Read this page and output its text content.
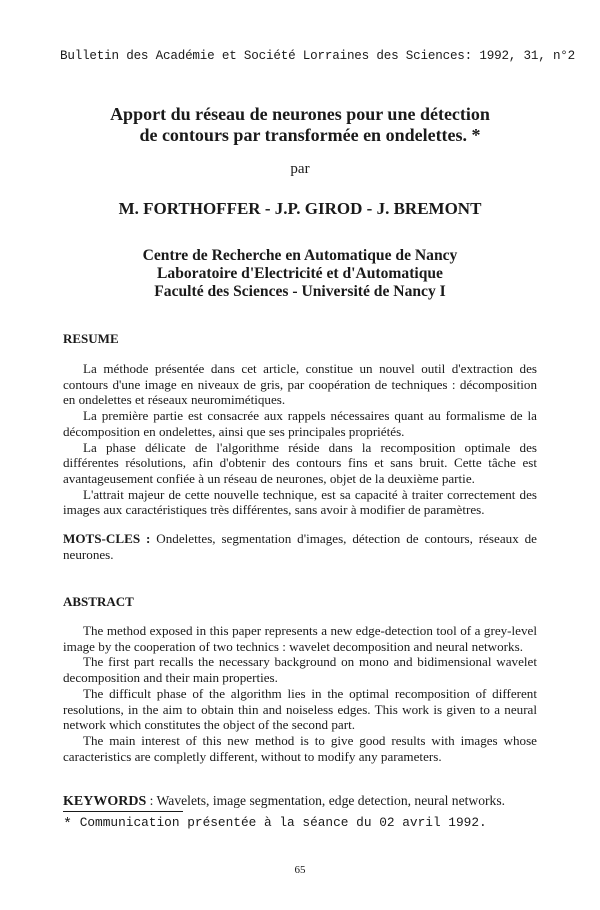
Bulletin des Académie et Société Lorraines des Sciences: 1992, 31, n°2
Apport du réseau de neurones pour une détection
de contours par transformée en ondelettes. *
par
M. FORTHOFFER - J.P. GIROD - J. BREMONT
Centre de Recherche en Automatique de Nancy
Laboratoire d'Electricité et d'Automatique
Faculté des Sciences - Université de Nancy I
RESUME

La méthode présentée dans cet article, constitue un nouvel outil d'extraction des contours d'une image en niveaux de gris, par coopération de techniques : décomposition en ondelettes et réseaux neuromimétiques.

La première partie est consacrée aux rappels nécessaires quant au formalisme de la décomposition en ondelettes, ainsi que ses principales propriétés.

La phase délicate de l'algorithme réside dans la recomposition optimale des différentes résolutions, afin d'obtenir des contours fins et sans bruit. Cette tâche est avantageusement confiée à un réseau de neurones, objet de la deuxième partie.

L'attrait majeur de cette nouvelle technique, est sa capacité à traiter correctement des images aux caractéristiques très différentes, sans avoir à modifier de paramètres.

MOTS-CLES : Ondelettes, segmentation d'images, détection de contours, réseaux de neurones.
ABSTRACT

The method exposed in this paper represents a new edge-detection tool of a grey-level image by the cooperation of two technics : wavelet decomposition and neural networks.

The first part recalls the necessary background on mono and bidimensional wavelet decomposition and their main properties.

The difficult phase of the algorithm lies in the optimal recomposition of different resolutions, in the aim to obtain thin and noiseless edges. This work is given to a neural network which constitutes the object of the second part.

The main interest of this new method is to give good results with images whose caracteristics are completly different, without to modify any parameters.

KEYWORDS : Wavelets, image segmentation, edge detection, neural networks.
* Communication présentée à la séance du 02 avril 1992.
65
